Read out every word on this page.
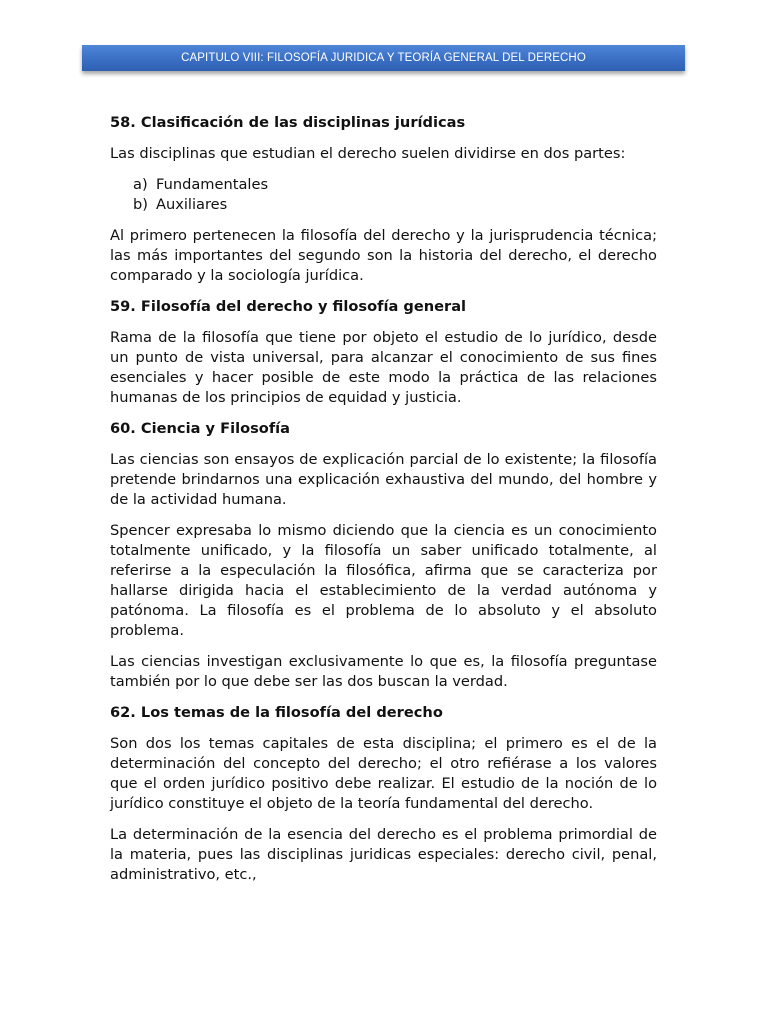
CAPITULO VIII: FILOSOFÍA JURIDICA Y TEORÍA GENERAL DEL DERECHO
58. Clasificación de las disciplinas jurídicas

Las disciplinas que estudian el derecho suelen dividirse en dos partes:

a) Fundamentales
b) Auxiliares

Al primero pertenecen la filosofía del derecho y la jurisprudencia técnica; las más importantes del segundo son la historia del derecho, el derecho comparado y la sociología jurídica.

59. Filosofía del derecho y filosofía general

Rama de la filosofía que tiene por objeto el estudio de lo jurídico, desde un punto de vista universal, para alcanzar el conocimiento de sus fines esenciales y hacer posible de este modo la práctica de las relaciones humanas de los principios de equidad y justicia.

60. Ciencia y Filosofía

Las ciencias son ensayos de explicación parcial de lo existente; la filosofía pretende brindarnos una explicación exhaustiva del mundo, del hombre y de la actividad humana.

Spencer expresaba lo mismo diciendo que la ciencia es un conocimiento totalmente unificado, y la filosofía un saber unificado totalmente, al referirse a la especulación la filosófica, afirma que se caracteriza por hallarse dirigida hacia el establecimiento de la verdad autónoma y patónoma. La filosofía es el problema de lo absoluto y el absoluto problema.

Las ciencias investigan exclusivamente lo que es, la filosofía preguntase también por lo que debe ser las dos buscan la verdad.

62. Los temas de la filosofía del derecho

Son dos los temas capitales de esta disciplina; el primero es el de la determinación del concepto del derecho; el otro refiérase a los valores que el orden jurídico positivo debe realizar. El estudio de la noción de lo jurídico constituye el objeto de la teoría fundamental del derecho.

La determinación de la esencia del derecho es el problema primordial de la materia, pues las disciplinas juridicas especiales: derecho civil, penal, administrativo, etc.,
